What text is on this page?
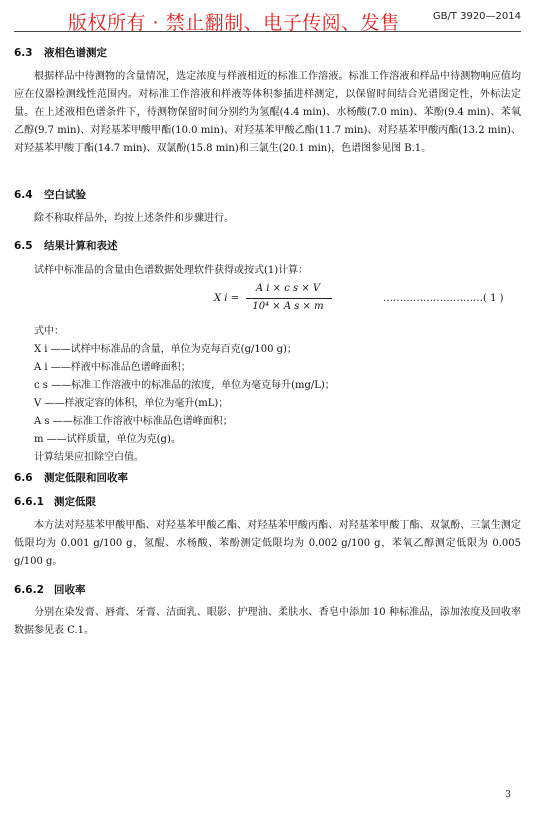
版权所有 · 禁止翻制、电子传阅、发售	GB/T 3920—2014
6.3 液相色谱测定
根据样品中待测物的含量情况，选定浓度与样液相近的标准工作溶液。标准工作溶液和样品中待测物响应值均应在仪器检测线性范围内。对标准工作溶液和样液等体积参插进样测定，以保留时间结合光谱图定性，外标法定量。在上述液相色谱条件下，待测物保留时间分别约为氢醌(4.4 min)、水杨酸(7.0 min)、苯酚(9.4 min)、苯氧乙醇(9.7 min)、对羟基苯甲酸甲酯(10.0 min)、对羟基苯甲酸乙酯(11.7 min)、对羟基苯甲酸丙酯(13.2 min)、对羟基苯甲酸丁酯(14.7 min)、双氯酚(15.8 min)和三氯生(20.1 min)，色谱图参见图 B.1。
6.4 空白试验
除不称取样品外，均按上述条件和步骤进行。
6.5 结果计算和表述
试样中标准品的含量由色谱数据处理软件获得或按式(1)计算：
X i =
A i × c s × V
10⁴ × A s × m
…………………………( 1 )
式中：
X i ——试样中标准品的含量，单位为克每百克(g/100 g)；
A i ——样液中标准品色谱峰面积；
c s ——标准工作溶液中的标准品的浓度，单位为毫克每升(mg/L)；
V ——样液定容的体积，单位为毫升(mL)；
A s ——标准工作溶液中标准品色谱峰面积；
m ——试样质量，单位为克(g)。
计算结果应扣除空白值。
6.6 测定低限和回收率
6.6.1 测定低限
本方法对羟基苯甲酸甲酯、对羟基苯甲酸乙酯、对羟基苯甲酸丙酯、对羟基苯甲酸丁酯、双氯酚、三氯生测定低限均为 0.001 g/100 g，氢醌、水杨酸、苯酚测定低限均为 0.002 g/100 g，苯氧乙醇测定低限为 0.005 g/100 g。
6.6.2 回收率
分别在染发膏、唇膏、牙膏、洁面乳、眼影、护理油、柔肤水、香皂中添加 10 种标准品，添加浓度及回收率数据参见表 C.1。
3
